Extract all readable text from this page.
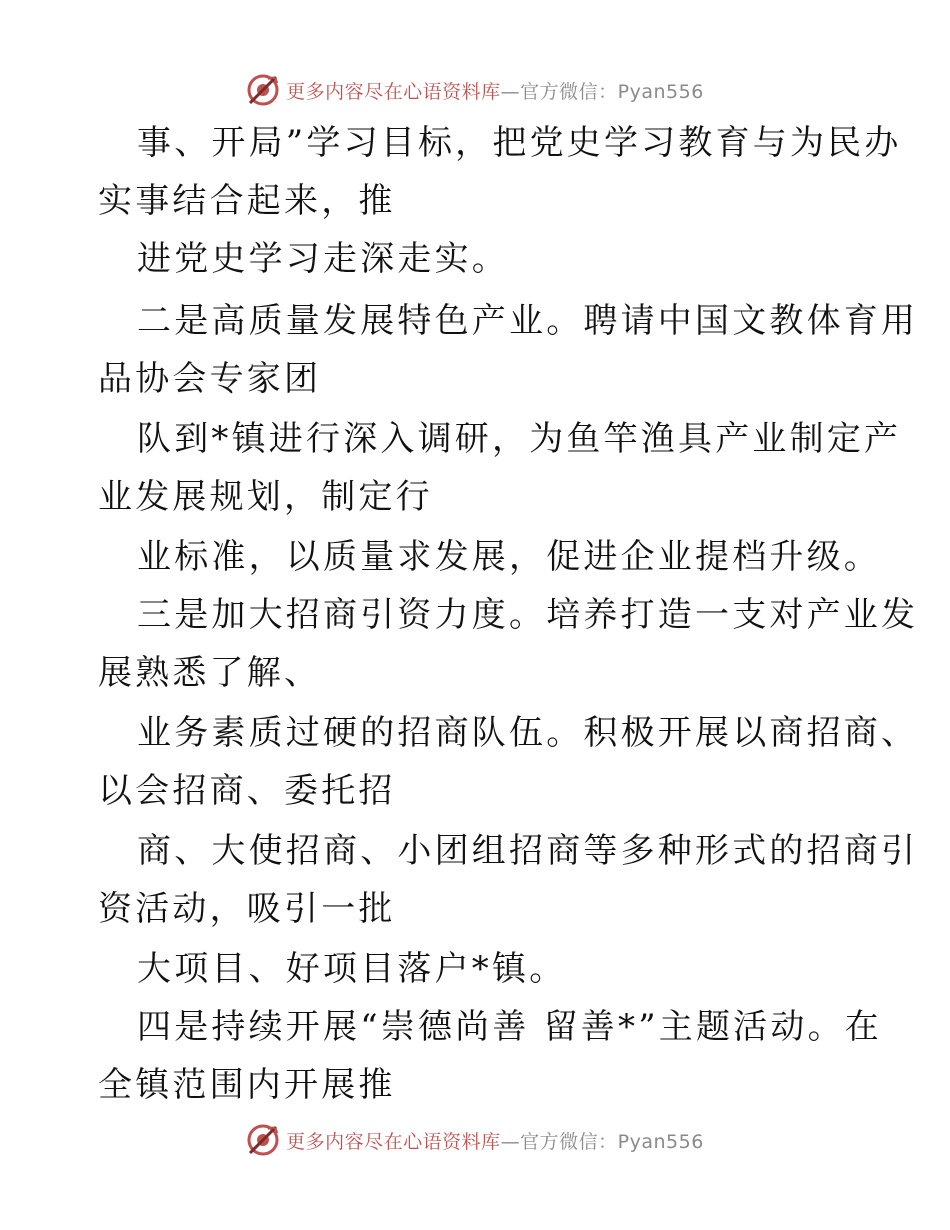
更多内容尽在心语资料库—官方微信：Pyan556
事、开局”学习目标，把党史学习教育与为民办
实事结合起来，推
进党史学习走深走实。
二是高质量发展特色产业。聘请中国文教体育用
品协会专家团
队到*镇进行深入调研，为鱼竿渔具产业制定产
业发展规划，制定行
业标准，以质量求发展，促进企业提档升级。
三是加大招商引资力度。培养打造一支对产业发
展熟悉了解、
业务素质过硬的招商队伍。积极开展以商招商、
以会招商、委托招
商、大使招商、小团组招商等多种形式的招商引
资活动，吸引一批
大项目、好项目落户*镇。
四是持续开展“崇德尚善 留善*”主题活动。在
全镇范围内开展推
更多内容尽在心语资料库—官方微信：Pyan556
